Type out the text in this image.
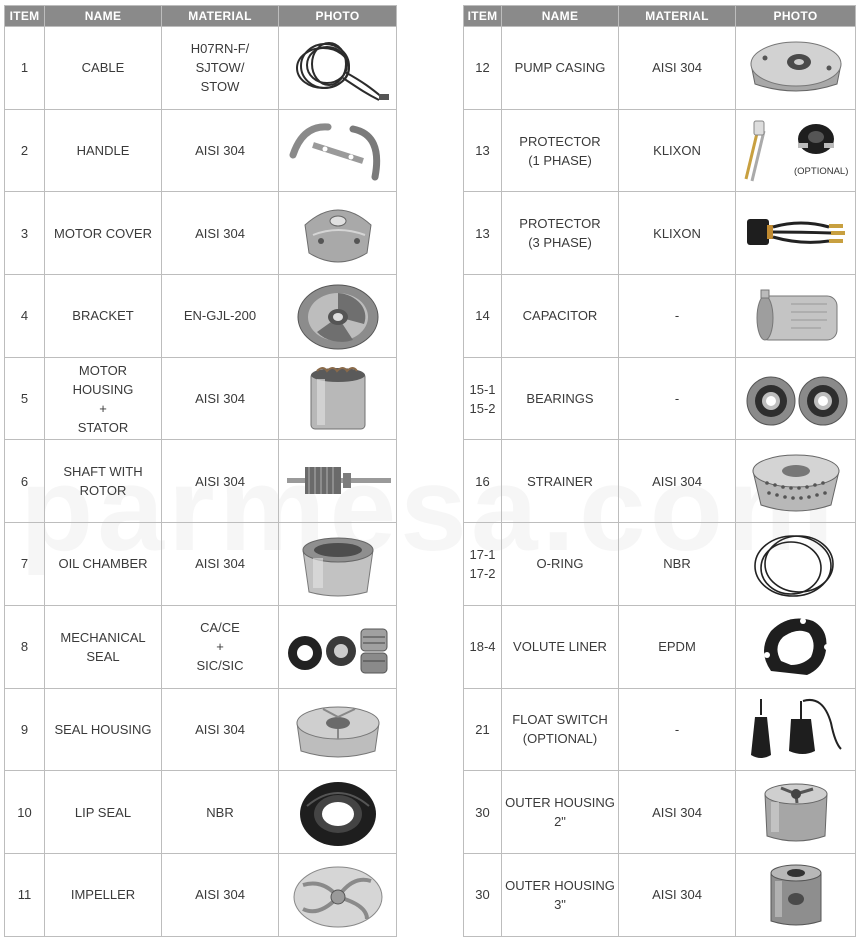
ITEM	NAME	MATERIAL	PHOTO
1	CABLE	H07RN-F/
SJTOW/
STOW	

2	HANDLE	AISI 304	

3	MOTOR COVER	AISI 304	

4	BRACKET	EN-GJL-200	

5	MOTOR HOUSING
+
STATOR	AISI 304	

6	SHAFT WITH
ROTOR	AISI 304	

7	OIL CHAMBER	AISI 304	

8	MECHANICAL
SEAL	CA/CE
+
SIC/SIC	

9	SEAL HOUSING	AISI 304	

10	LIP SEAL	NBR	

11	IMPELLER	AISI 304	
ITEM	NAME	MATERIAL	PHOTO
12	PUMP CASING	AISI 304	

13	PROTECTOR
(1 PHASE)	KLIXON	(OPTIONAL)

13	PROTECTOR
(3 PHASE)	KLIXON	

14	CAPACITOR	-	

15-1
15-2	BEARINGS	-	

16	STRAINER	AISI 304	

17-1
17-2	O-RING	NBR	

18-4	VOLUTE LINER	EPDM	

21	FLOAT SWITCH
(OPTIONAL)	-	

30	OUTER HOUSING
2"	AISI 304	

30	OUTER HOUSING
3"	AISI 304	
